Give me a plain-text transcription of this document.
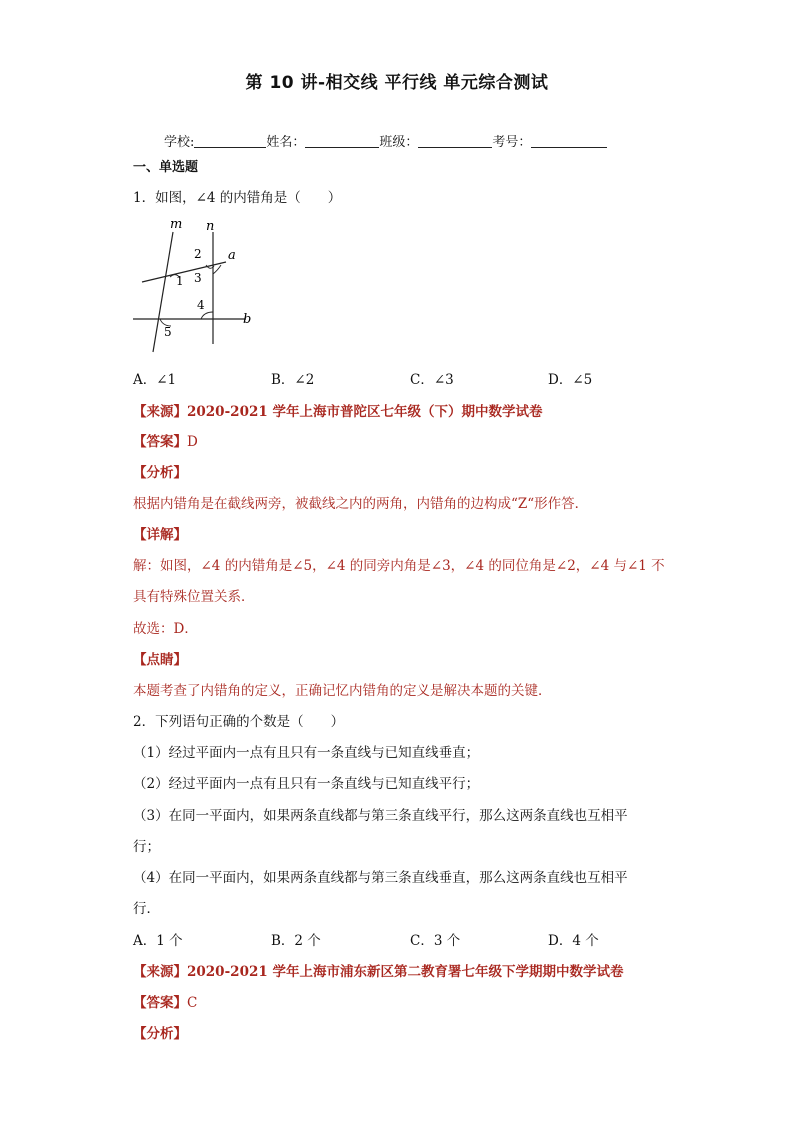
第 10 讲-相交线 平行线 单元综合测试
学校:	姓名：	班级：	考号：
一、单选题
1．如图，∠4 的内错角是（　　）
m n
a
b
1
2
3
4
5
A．∠1	B．∠2	C．∠3	D．∠5
【来源】2020-2021 学年上海市普陀区七年级（下）期中数学试卷
【答案】D
【分析】
根据内错角是在截线两旁，被截线之内的两角，内错角的边构成“Z“形作答．
【详解】
解：如图，∠4 的内错角是∠5，∠4 的同旁内角是∠3，∠4 的同位角是∠2，∠4 与∠1 不
具有特殊位置关系．
故选：D．
【点睛】
本题考查了内错角的定义，正确记忆内错角的定义是解决本题的关键．
2．下列语句正确的个数是（　　）
（1）经过平面内一点有且只有一条直线与已知直线垂直；
（2）经过平面内一点有且只有一条直线与已知直线平行；
（3）在同一平面内，如果两条直线都与第三条直线平行，那么这两条直线也互相平
行；
（4）在同一平面内，如果两条直线都与第三条直线垂直，那么这两条直线也互相平
行．
A．1 个	B．2 个	C．3 个	D．4 个
【来源】2020-2021 学年上海市浦东新区第二教育署七年级下学期期中数学试卷
【答案】C
【分析】
